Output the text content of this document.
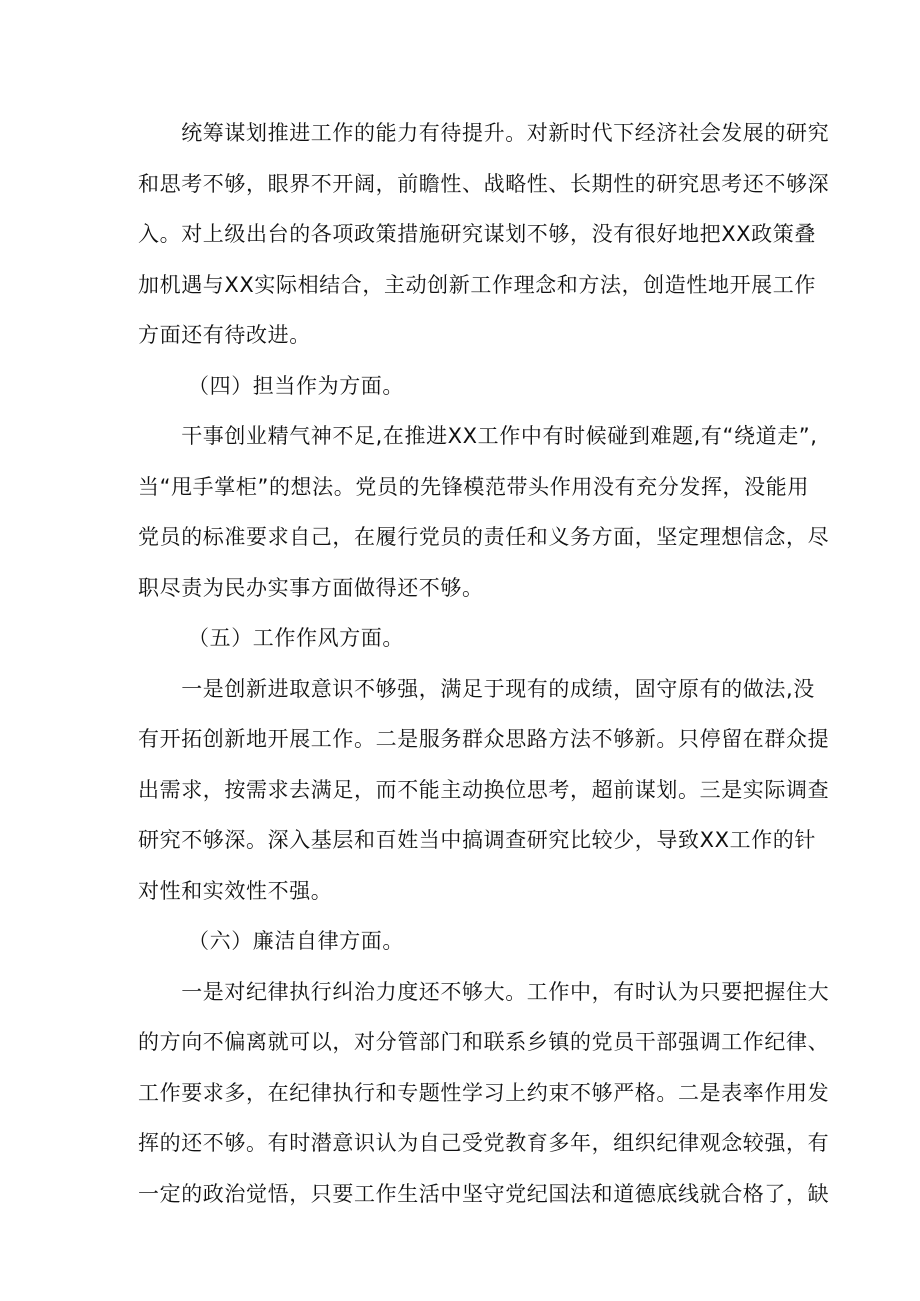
　　统筹谋划推进工作的能力有待提升。对新时代下经济社会发展的研究
和思考不够，眼界不开阔，前瞻性、战略性、长期性的研究思考还不够深
入。对上级出台的各项政策措施研究谋划不够，没有很好地把XX政策叠
加机遇与XX实际相结合，主动创新工作理念和方法，创造性地开展工作
方面还有待改进。
（四）担当作为方面。
　　干事创业精气神不足,在推进XX工作中有时候碰到难题,有“绕道走”,
当“甩手掌柜”的想法。党员的先锋模范带头作用没有充分发挥，没能用
党员的标准要求自己，在履行党员的责任和义务方面，坚定理想信念，尽
职尽责为民办实事方面做得还不够。
（五）工作作风方面。
　　一是创新进取意识不够强，满足于现有的成绩，固守原有的做法,没
有开拓创新地开展工作。二是服务群众思路方法不够新。只停留在群众提
出需求，按需求去满足，而不能主动换位思考，超前谋划。三是实际调查
研究不够深。深入基层和百姓当中搞调查研究比较少，导致XX工作的针
对性和实效性不强。
（六）廉洁自律方面。
　　一是对纪律执行纠治力度还不够大。工作中，有时认为只要把握住大
的方向不偏离就可以，对分管部门和联系乡镇的党员干部强调工作纪律、
工作要求多，在纪律执行和专题性学习上约束不够严格。二是表率作用发
挥的还不够。有时潜意识认为自己受党教育多年，组织纪律观念较强，有
一定的政治觉悟，只要工作生活中坚守党纪国法和道德底线就合格了，缺
